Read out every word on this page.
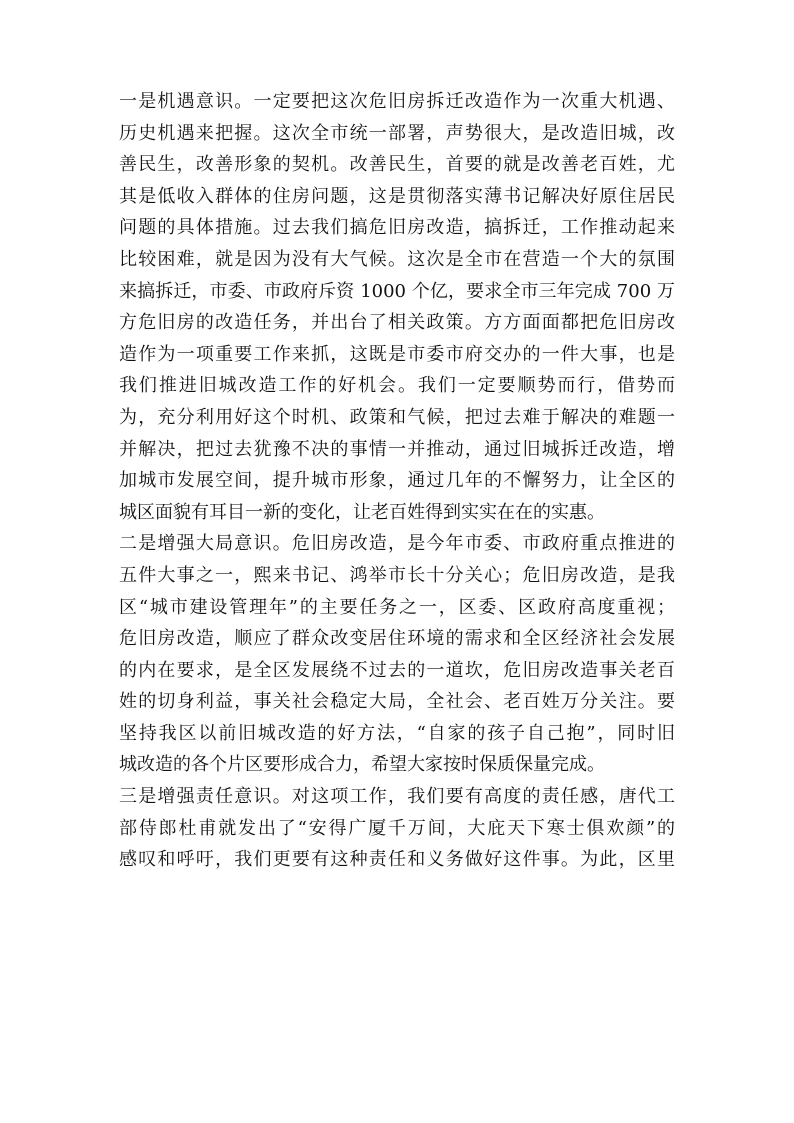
一是机遇意识。一定要把这次危旧房拆迁改造作为一次重大机遇、
历史机遇来把握。这次全市统一部署，声势很大，是改造旧城，改
善民生，改善形象的契机。改善民生，首要的就是改善老百姓，尤
其是低收入群体的住房问题，这是贯彻落实薄书记解决好原住居民
问题的具体措施。过去我们搞危旧房改造，搞拆迁，工作推动起来
比较困难，就是因为没有大气候。这次是全市在营造一个大的氛围
来搞拆迁，市委、市政府斥资 1000 个亿，要求全市三年完成 700 万
方危旧房的改造任务，并出台了相关政策。方方面面都把危旧房改
造作为一项重要工作来抓，这既是市委市府交办的一件大事，也是
我们推进旧城改造工作的好机会。我们一定要顺势而行，借势而
为，充分利用好这个时机、政策和气候，把过去难于解决的难题一
并解决，把过去犹豫不决的事情一并推动，通过旧城拆迁改造，增
加城市发展空间，提升城市形象，通过几年的不懈努力，让全区的
城区面貌有耳目一新的变化，让老百姓得到实实在在的实惠。
二是增强大局意识。危旧房改造，是今年市委、市政府重点推进的
五件大事之一，熙来书记、鸿举市长十分关心；危旧房改造，是我
区“城市建设管理年”的主要任务之一，区委、区政府高度重视；
危旧房改造，顺应了群众改变居住环境的需求和全区经济社会发展
的内在要求，是全区发展绕不过去的一道坎，危旧房改造事关老百
姓的切身利益，事关社会稳定大局，全社会、老百姓万分关注。要
坚持我区以前旧城改造的好方法，“自家的孩子自己抱”，同时旧
城改造的各个片区要形成合力，希望大家按时保质保量完成。
三是增强责任意识。对这项工作，我们要有高度的责任感，唐代工
部侍郎杜甫就发出了“安得广厦千万间，大庇天下寒士俱欢颜”的
感叹和呼吁，我们更要有这种责任和义务做好这件事。为此，区里
